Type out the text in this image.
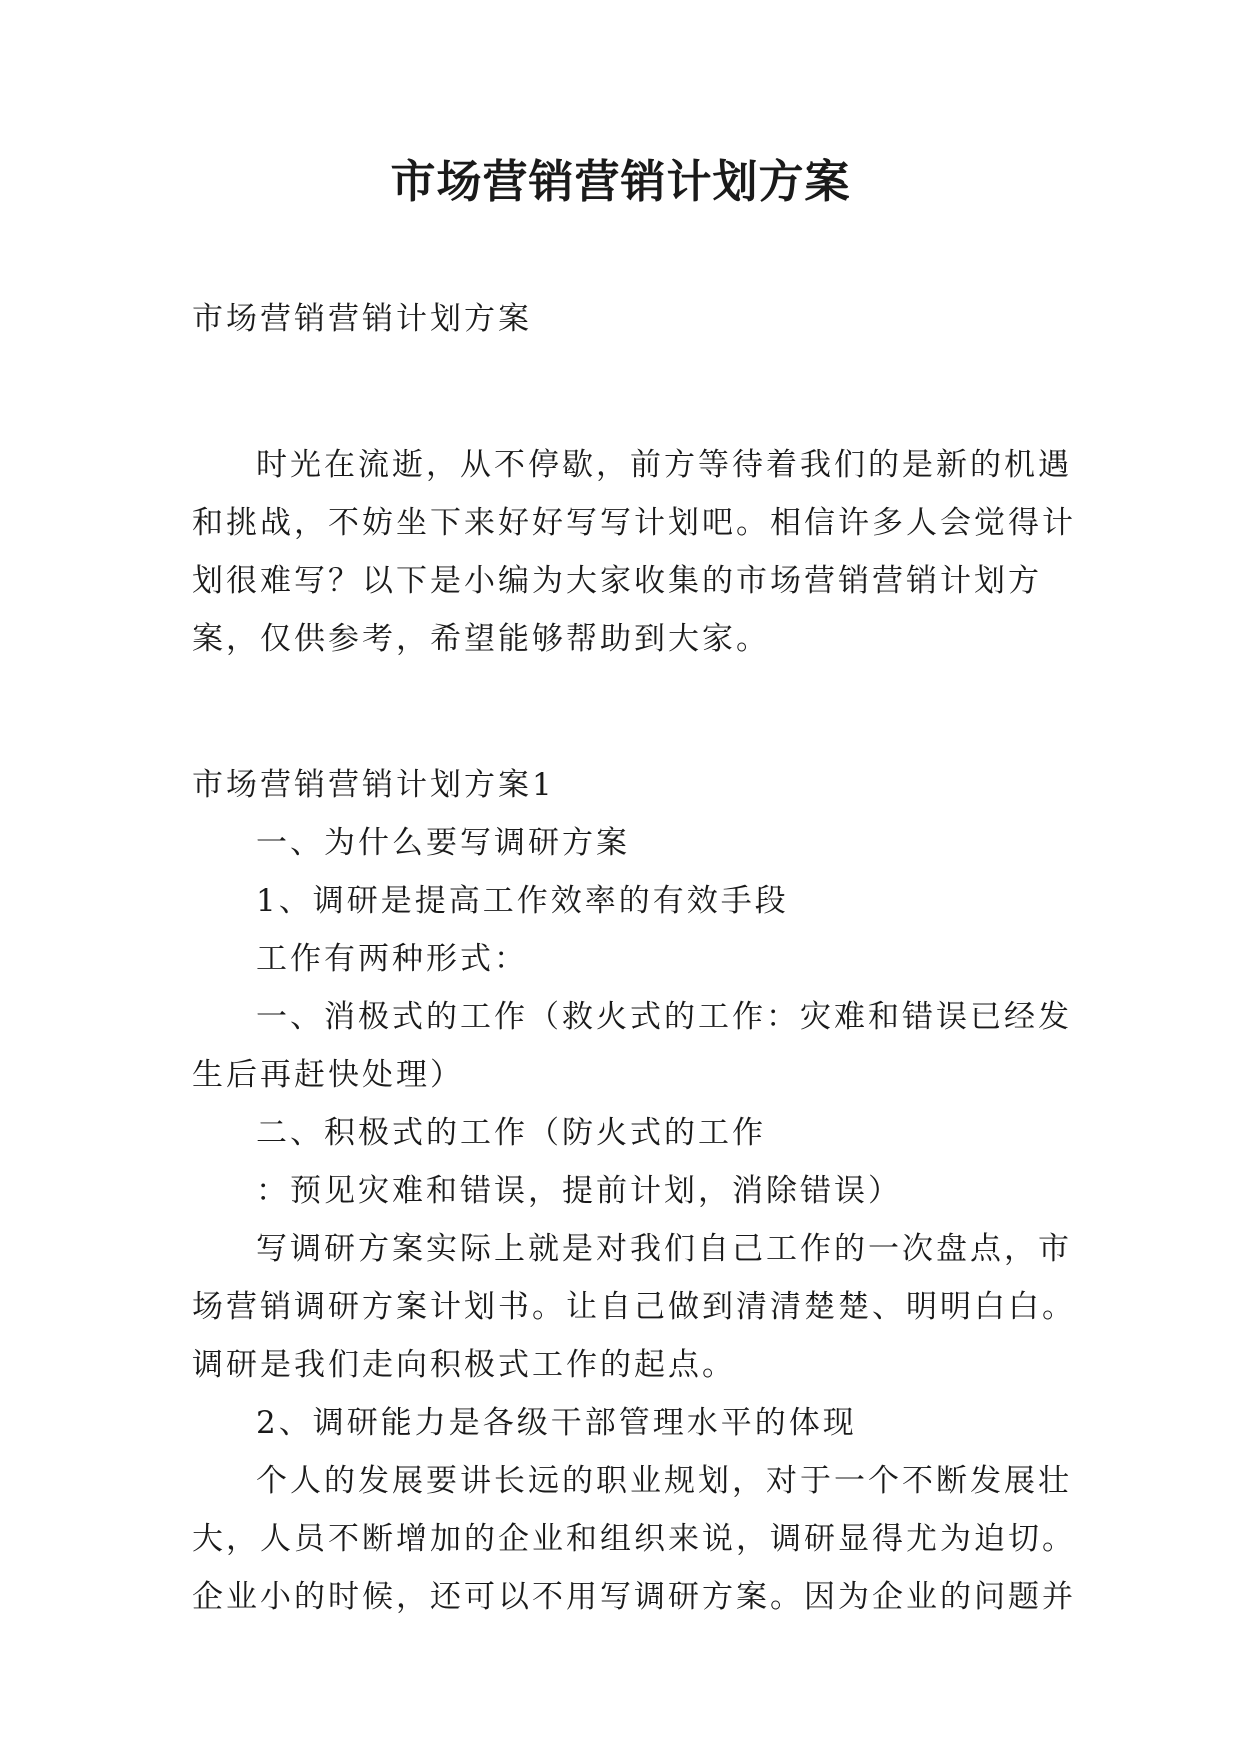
市场营销营销计划方案

市场营销营销计划方案

时光在流逝，从不停歇，前方等待着我们的是新的机遇

和挑战，不妨坐下来好好写写计划吧。相信许多人会觉得计

划很难写？以下是小编为大家收集的市场营销营销计划方

案，仅供参考，希望能够帮助到大家。

市场营销营销计划方案1

一、为什么要写调研方案

1、调研是提高工作效率的有效手段

工作有两种形式：

一、消极式的工作（救火式的工作：灾难和错误已经发

生后再赶快处理）

二、积极式的工作（防火式的工作

：预见灾难和错误，提前计划，消除错误）

写调研方案实际上就是对我们自己工作的一次盘点，市

场营销调研方案计划书。让自己做到清清楚楚、明明白白。

调研是我们走向积极式工作的起点。

2、调研能力是各级干部管理水平的体现

个人的发展要讲长远的职业规划，对于一个不断发展壮

大，人员不断增加的企业和组织来说，调研显得尤为迫切。

企业小的时候，还可以不用写调研方案。因为企业的问题并
